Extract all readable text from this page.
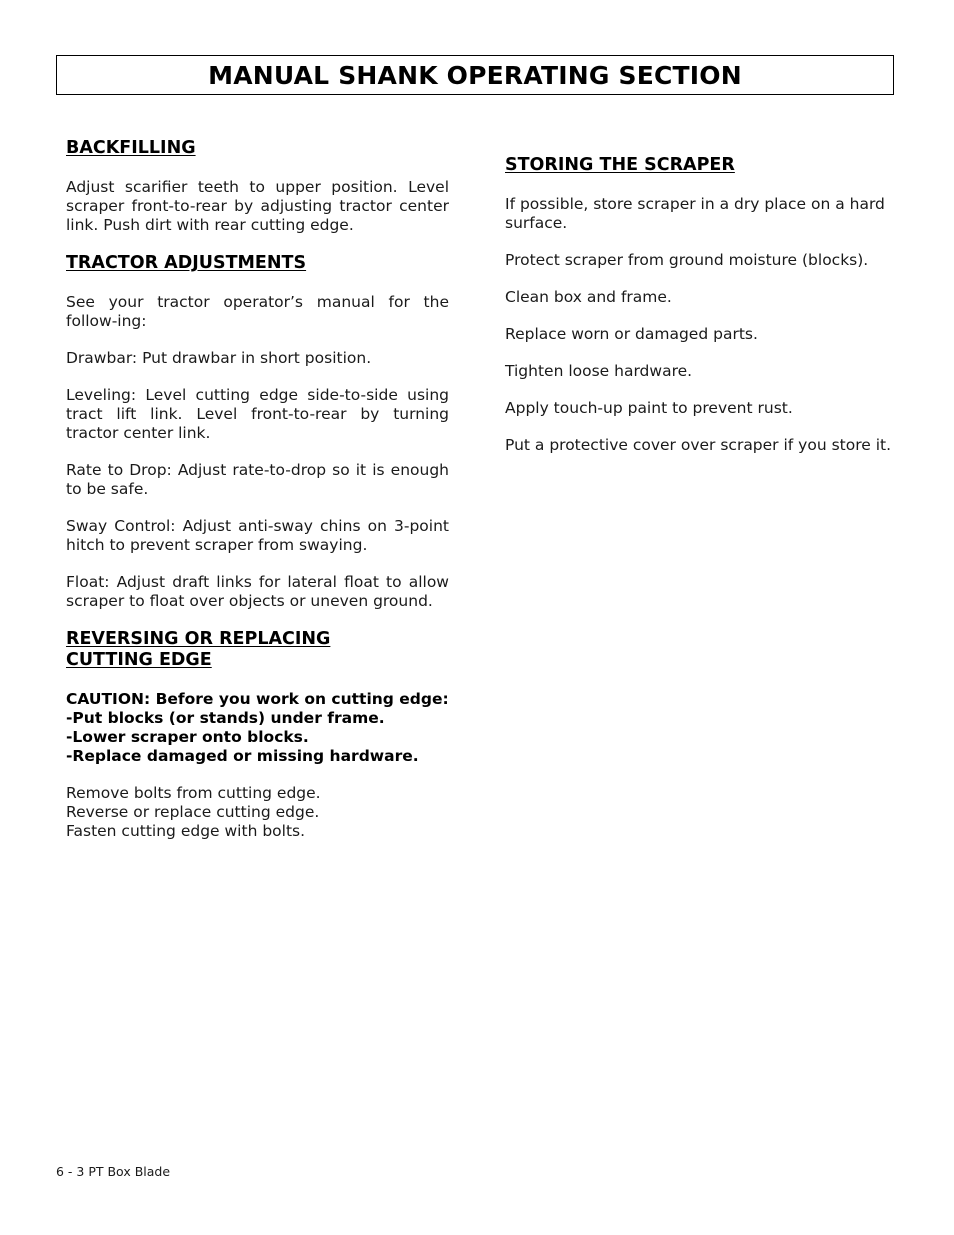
MANUAL SHANK OPERATING SECTION
BACKFILLING

Adjust scarifier teeth to upper position. Level scraper front-to-rear by adjusting tractor center link. Push dirt with rear cutting edge.

TRACTOR ADJUSTMENTS

See your tractor operator’s manual for the follow-ing:

Drawbar: Put drawbar in short position.

Leveling: Level cutting edge side-to-side using tract lift link. Level front-to-rear by turning tractor center link.

Rate to Drop: Adjust rate-to-drop so it is enough to be safe.

Sway Control: Adjust anti-sway chins on 3-point hitch to prevent scraper from swaying.

Float: Adjust draft links for lateral float to allow scraper to float over objects or uneven ground.

REVERSING OR REPLACING
CUTTING EDGE
CAUTION: Before you work on cutting edge:
-Put blocks (or stands) under frame.
-Lower scraper onto blocks.
-Replace damaged or missing hardware.
Remove bolts from cutting edge.
Reverse or replace cutting edge.
Fasten cutting edge with bolts.
STORING THE SCRAPER

If possible, store scraper in a dry place on a hard surface.

Protect scraper from ground moisture (blocks).

Clean box and frame.

Replace worn or damaged parts.

Tighten loose hardware.

Apply touch-up paint to prevent rust.

Put a protective cover over scraper if you store it.

6 - 3 PT Box Blade
